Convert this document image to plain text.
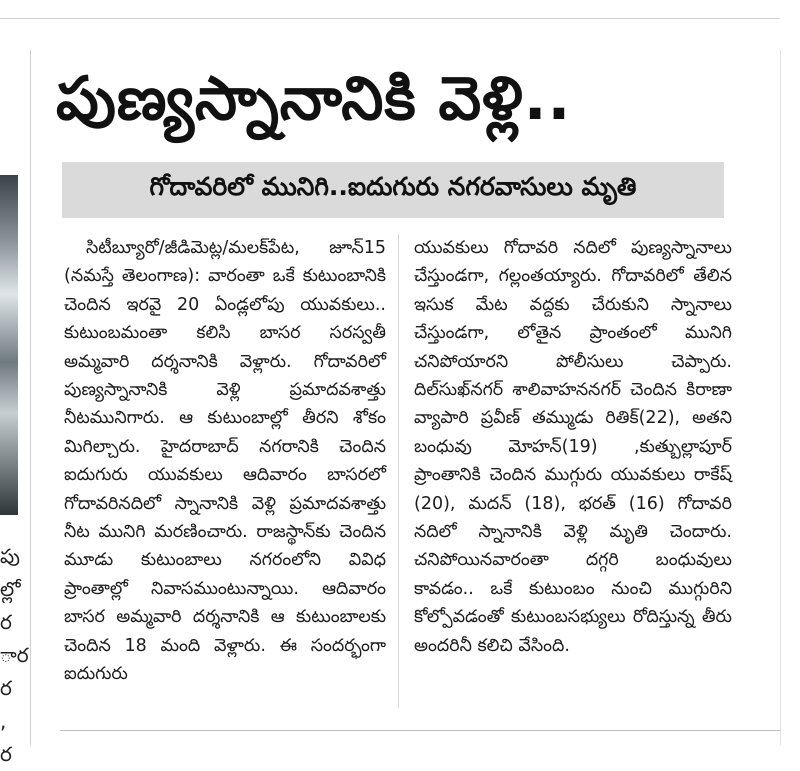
పు
ల్లో
ర
ార
ర
,
ర
పుణ్యస్నానానికి వెళ్లి..
గోదావరిలో మునిగి..ఐదుగురు నగరవాసులు మృతి

సిటీబ్యూరో/జీడిమెట్ల/మలక్‌పేట, జూన్15 (నమస్తే తెలంగాణ): వారంతా ఒకే కుటుంబానికి చెందిన ఇరవై 20 ఏండ్లలోపు యువకులు.. కుటుంబమంతా కలిసి బాసర సరస్వతీ అమ్మవారి దర్శనానికి వెళ్లారు. గోదావరిలో పుణ్యస్నానానికి వెళ్లి ప్రమాదవశాత్తు నీటమునిగారు. ఆ కుటుంబాల్లో తీరని శోకం మిగిల్చారు. హైదరాబాద్ నగరానికి చెందిన ఐదుగురు యువకులు ఆదివారం బాసరలో గోదావరినదిలో స్నానానికి వెళ్లి ప్రమాదవశాత్తు నీట మునిగి మరణించారు. రాజస్థాన్‌కు చెందిన మూడు కుటుంబాలు నగరంలోని వివిధ ప్రాంతాల్లో నివాసముంటున్నాయి. ఆదివారం బాసర అమ్మవారి దర్శనానికి ఆ కుటుంబాలకు చెందిన 18 మంది వెళ్లారు. ఈ సందర్భంగా ఐదుగురు

యువకులు గోదావరి నదిలో పుణ్యస్నానాలు చేస్తుండగా, గల్లంతయ్యారు. గోదావరిలో తేలిన ఇసుక మేట వద్దకు చేరుకుని స్నానాలు చేస్తుండగా, లోతైన ప్రాంతంలో మునిగి చనిపోయారని పోలీసులు చెప్పారు. దిల్‌సుఖ్‌నగర్ శాలివాహననగర్ చెందిన కిరాణా వ్యాపారి ప్రవీణ్ తమ్ముడు రితిక్(22), అతని బంధువు మోహన్(19) ,కుత్బుల్లాపూర్ ప్రాంతానికి చెందిన ముగ్గురు యువకులు రాకేష్ (20), మదన్ (18), భరత్ (16) గోదావరి నదిలో స్నానానికి వెళ్లి మృతి చెందారు. చనిపోయినవారంతా దగ్గరి బంధువులు కావడం.. ఒకే కుటుంబం నుంచి ముగ్గురిని కోల్పోవడంతో కుటుంబసభ్యులు రోదిస్తున్న తీరు అందరినీ కలిచి వేసింది.
